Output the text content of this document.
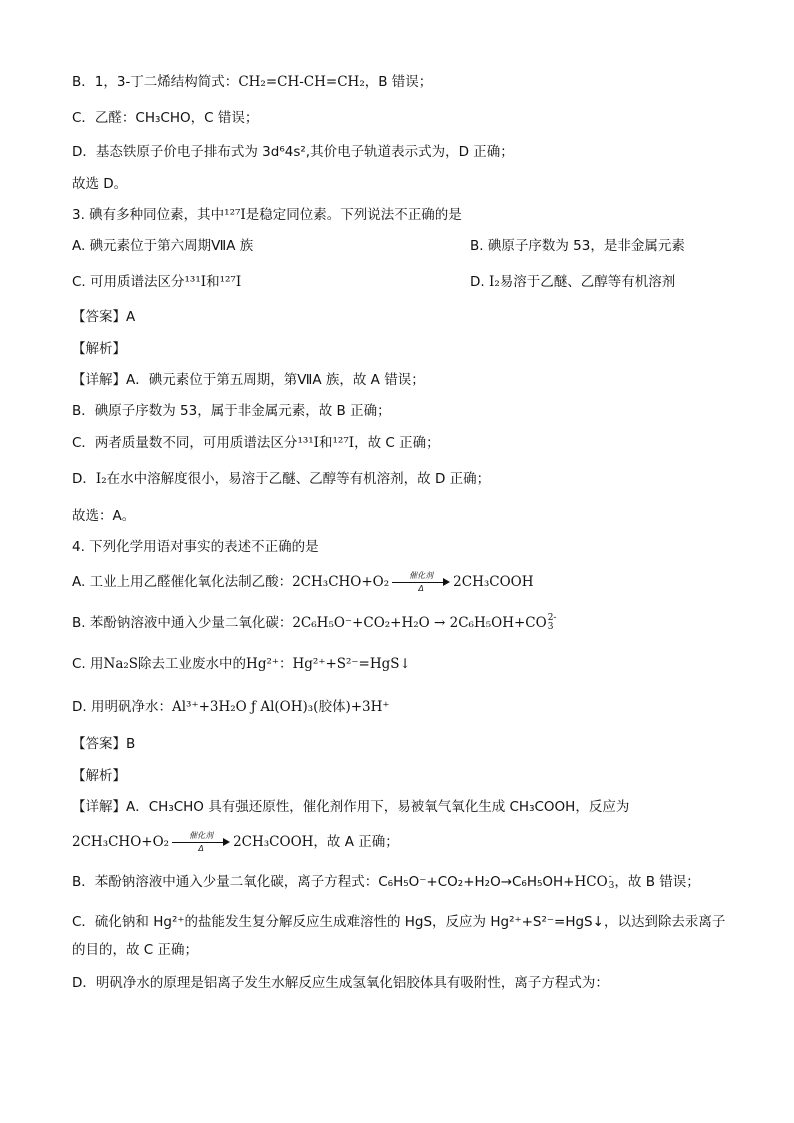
B．1，3-丁二烯结构简式：CH₂=CH-CH=CH₂，B 错误；
C．乙醛：CH₃CHO，C 错误；
D．基态铁原子价电子排布式为 3d⁶4s²,其价电子轨道表示式为，D 正确；
故选 D。
3. 碘有多种同位素，其中¹²⁷I是稳定同位素。下列说法不正确的是
A. 碘元素位于第六周期ⅦA 族	B. 碘原子序数为 53，是非金属元素
C. 可用质谱法区分¹³¹I和¹²⁷I	D. I₂易溶于乙醚、乙醇等有机溶剂
【答案】A
【解析】
【详解】A．碘元素位于第五周期，第ⅦA 族，故 A 错误；
B．碘原子序数为 53，属于非金属元素，故 B 正确；
C．两者质量数不同，可用质谱法区分¹³¹I和¹²⁷I，故 C 正确；
D．I₂在水中溶解度很小，易溶于乙醚、乙醇等有机溶剂，故 D 正确；
故选：A。
4. 下列化学用语对事实的表述不正确的是
A. 工业上用乙醛催化氧化法制乙酸：2CH₃CHO+O₂	催化剂
Δ	2CH₃COOH
B. 苯酚钠溶液中通入少量二氧化碳：2C₆H₅O⁻+CO₂+H₂O → 2C₆H₅OH+CO 2-
3
C. 用Na₂S除去工业废水中的Hg²⁺：Hg²⁺+S²⁻=HgS↓
D. 用明矾净水：Al³⁺+3H₂O ƒ Al(OH)₃(胶体)+3H⁺
【答案】B
【解析】
【详解】A．CH₃CHO 具有强还原性，催化剂作用下，易被氧气氧化生成 CH₃COOH，反应为
2CH₃CHO+O₂	催化剂
Δ	2CH₃COOH，故 A 正确；
B．苯酚钠溶液中通入少量二氧化碳，离子方程式：C₆H₅O⁻+CO₂+H₂O→C₆H₅OH+HCO -
3 ，故 B 错误；
C．硫化钠和 Hg²⁺的盐能发生复分解反应生成难溶性的 HgS，反应为 Hg²⁺+S²⁻=HgS↓，以达到除去汞离子
的目的，故 C 正确；
D．明矾净水的原理是铝离子发生水解反应生成氢氧化铝胶体具有吸附性，离子方程式为：
